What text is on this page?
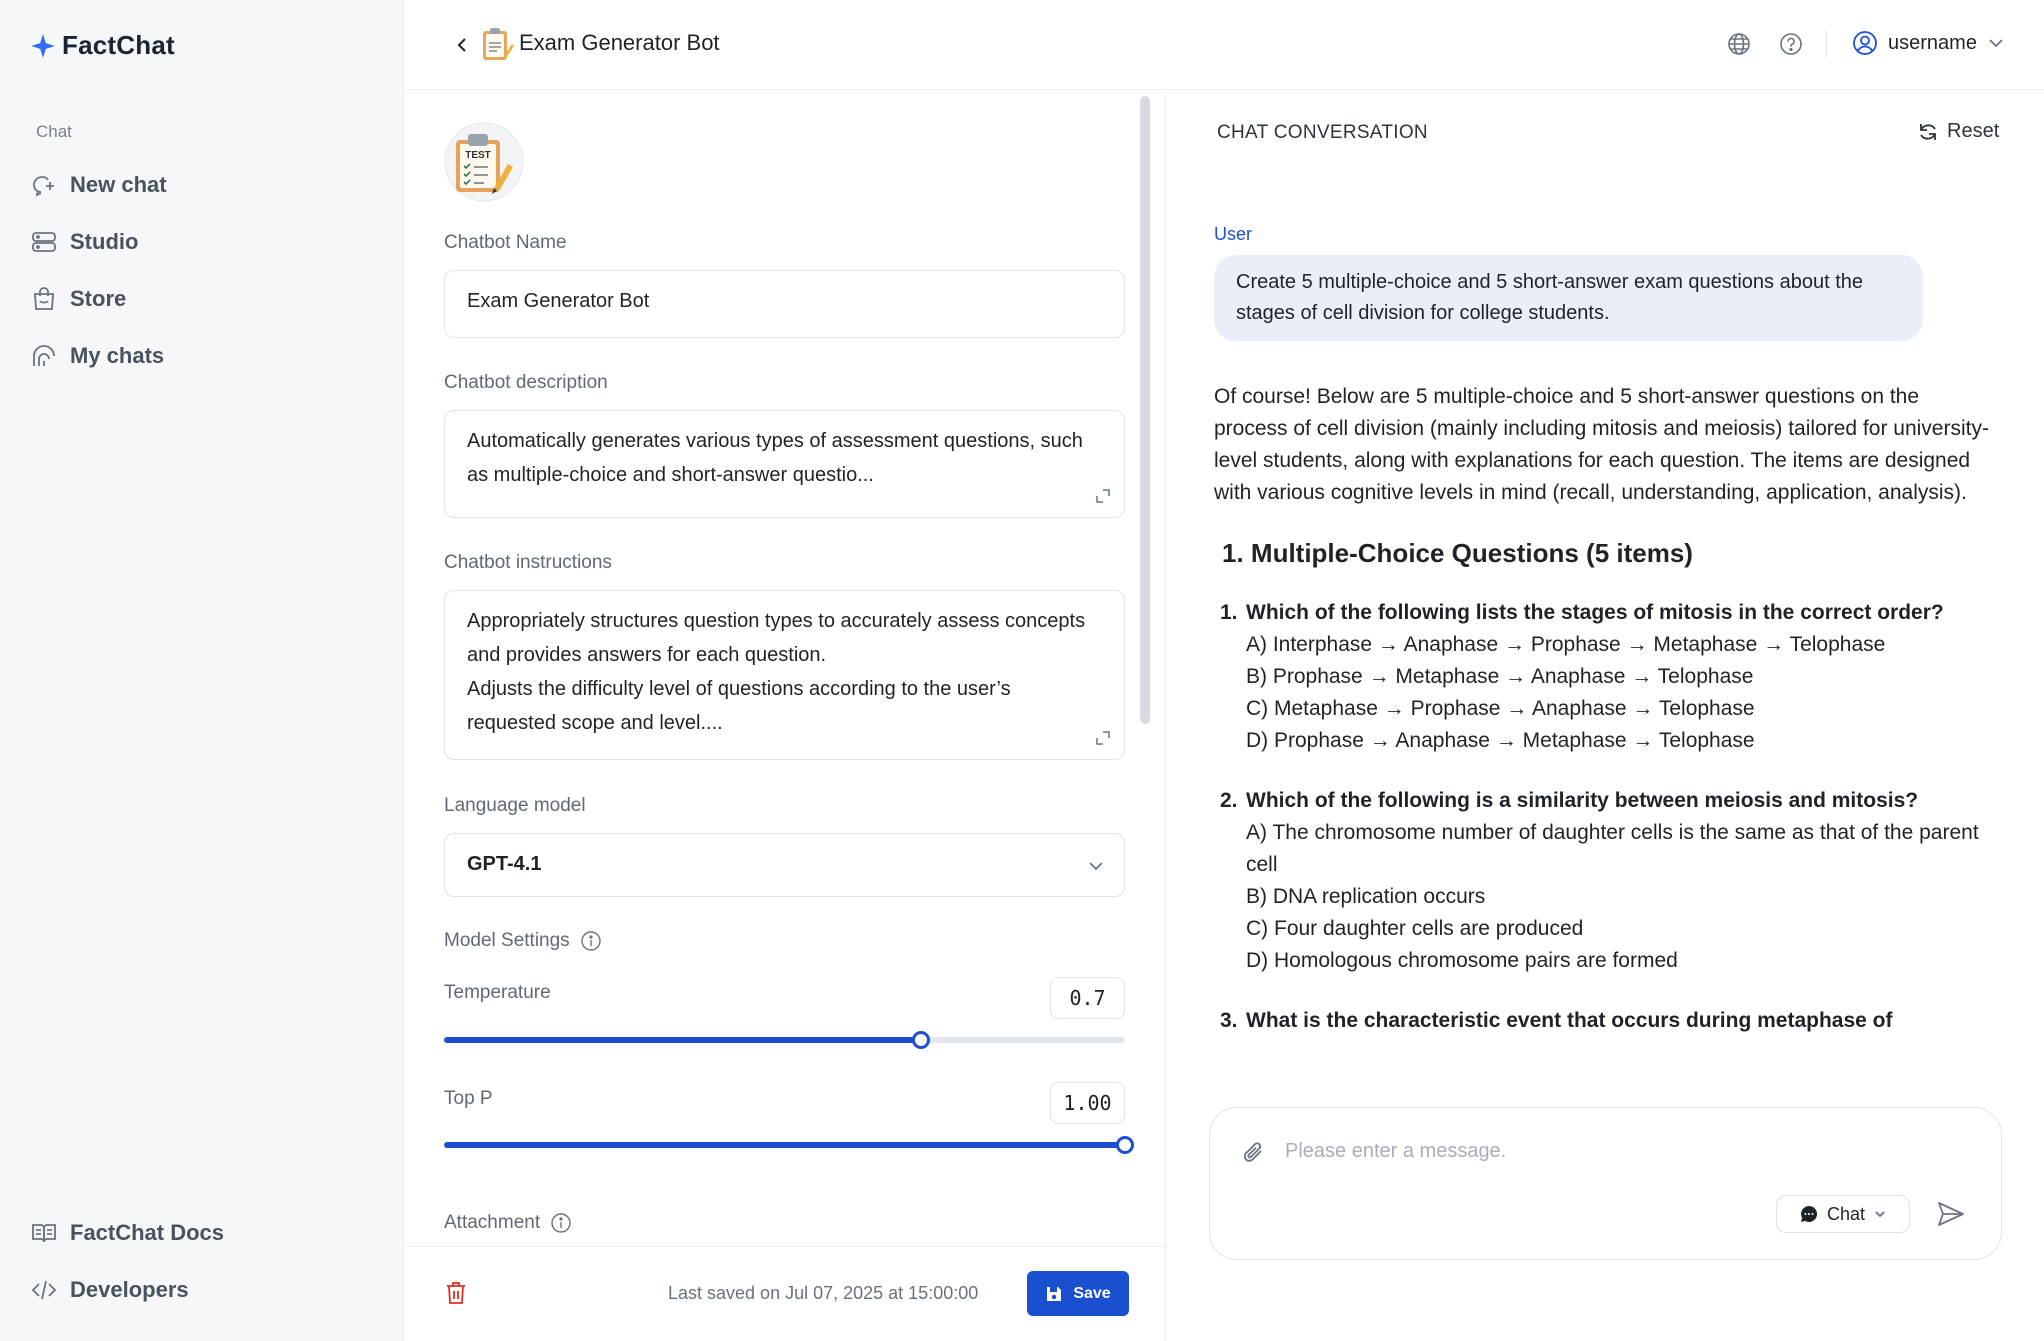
FactChat
Chat
New chat
Studio
Store
My chats
FactChat Docs
Developers
Exam Generator Bot	username
TEST
Chatbot Name
Exam Generator Bot
Chatbot description
Automatically generates various types of assessment questions, such as multiple-choice and short-answer questio...
Chatbot instructions
Appropriately structures question types to accurately assess concepts and provides answers for each question.
Adjusts the difficulty level of questions according to the user’s requested scope and level....
Language model
GPT-4.1
Model Settings
Temperature	0.7
Top P	1.00
Attachment
Last saved on Jul 07, 2025 at 15:00:00	Save
CHAT CONVERSATION	Reset
User
Create 5 multiple-choice and 5 short-answer exam questions about the stages of cell division for college students.

Of course! Below are 5 multiple-choice and 5 short-answer questions on the process of cell division (mainly including mitosis and meiosis) tailored for university-level students, along with explanations for each question. The items are designed with various cognitive levels in mind (recall, understanding, application, analysis).

1. Multiple-Choice Questions (5 items)
1. Which of the following lists the stages of mitosis in the correct order?
A) Interphase → Anaphase → Prophase → Metaphase → Telophase
B) Prophase → Metaphase → Anaphase → Telophase
C) Metaphase → Prophase → Anaphase → Telophase
D) Prophase → Anaphase → Metaphase → Telophase
2. Which of the following is a similarity between meiosis and mitosis?
A) The chromosome number of daughter cells is the same as that of the parent cell
B) DNA replication occurs
C) Four daughter cells are produced
D) Homologous chromosome pairs are formed
3. What is the characteristic event that occurs during metaphase of
Please enter a message.
Chat
